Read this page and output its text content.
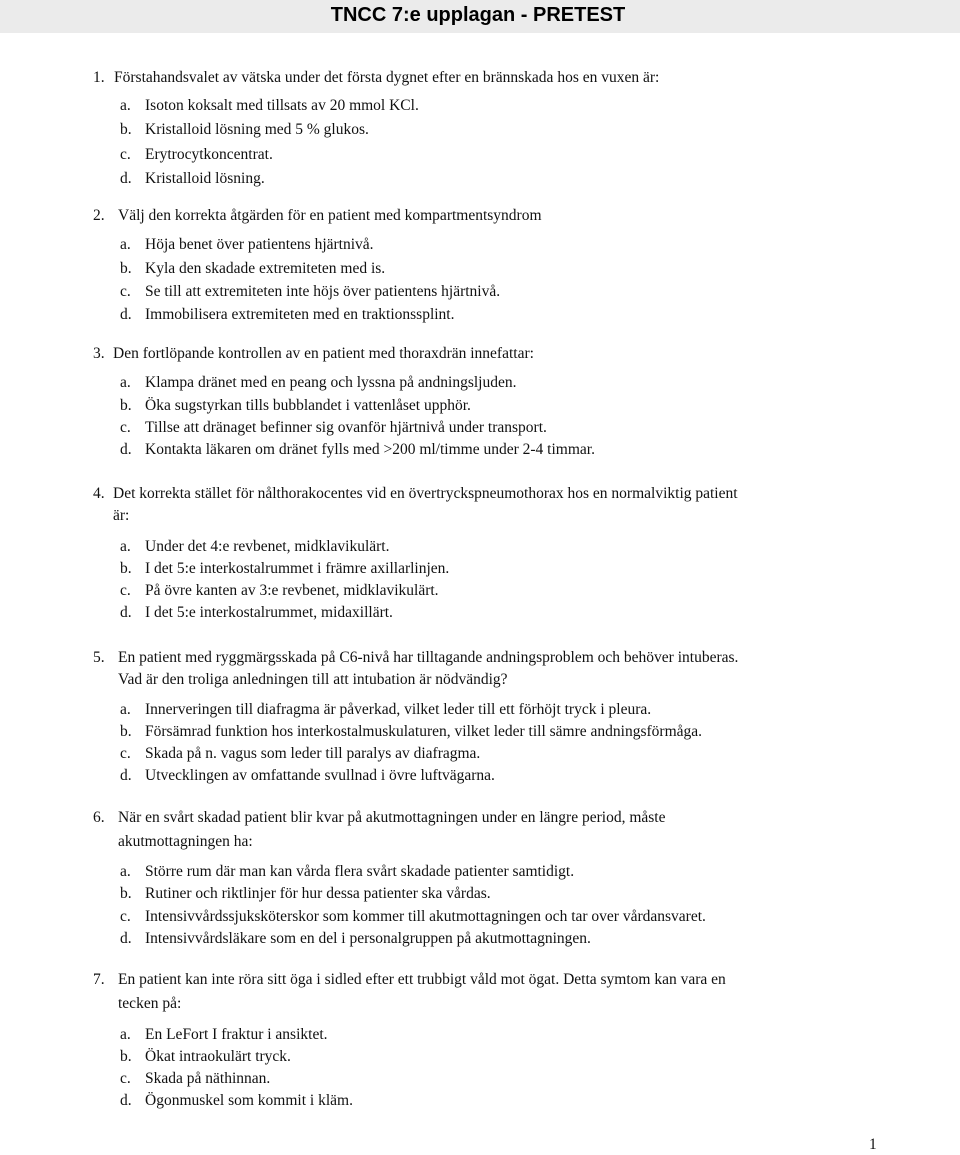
TNCC 7:e upplagan - PRETEST
1. Förstahandsvalet av vätska under det första dygnet efter en brännskada hos en vuxen är:
a. Isoton koksalt med tillsats av 20 mmol KCl.
b. Kristalloid lösning med 5 % glukos.
c. Erytrocytkoncentrat.
d. Kristalloid lösning.
2. Välj den korrekta åtgärden för en patient med kompartmentsyndrom
a. Höja benet över patientens hjärtnivå.
b. Kyla den skadade extremiteten med is.
c. Se till att extremiteten inte höjs över patientens hjärtnivå.
d. Immobilisera extremiteten med en traktionssplint.
3. Den fortlöpande kontrollen av en patient med thoraxdrän innefattar:
a. Klampa dränet med en peang och lyssna på andningsljuden.
b. Öka sugstyrkan tills bubblandet i vattenlåset upphör.
c. Tillse att dränaget befinner sig ovanför hjärtnivå under transport.
d. Kontakta läkaren om dränet fylls med >200 ml/timme under 2-4 timmar.
4. Det korrekta stället för nålthorakocentes vid en övertryckspneumothorax hos en normalviktig patient
är:
a. Under det 4:e revbenet, midklavikulärt.
b. I det 5:e interkostalrummet i främre axillarlinjen.
c. På övre kanten av 3:e revbenet, midklavikulärt.
d. I det 5:e interkostalrummet, midaxillärt.
5. En patient med ryggmärgsskada på C6-nivå har tilltagande andningsproblem och behöver intuberas.
Vad är den troliga anledningen till att intubation är nödvändig?
a. Innerveringen till diafragma är påverkad, vilket leder till ett förhöjt tryck i pleura.
b. Försämrad funktion hos interkostalmuskulaturen, vilket leder till sämre andningsförmåga.
c. Skada på n. vagus som leder till paralys av diafragma.
d. Utvecklingen av omfattande svullnad i övre luftvägarna.
6. När en svårt skadad patient blir kvar på akutmottagningen under en längre period, måste
akutmottagningen ha:
a. Större rum där man kan vårda flera svårt skadade patienter samtidigt.
b. Rutiner och riktlinjer för hur dessa patienter ska vårdas.
c. Intensivvårdssjuksköterskor som kommer till akutmottagningen och tar over vårdansvaret.
d. Intensivvårdsläkare som en del i personalgruppen på akutmottagningen.
7. En patient kan inte röra sitt öga i sidled efter ett trubbigt våld mot ögat. Detta symtom kan vara en
tecken på:
a. En LeFort I fraktur i ansiktet.
b. Ökat intraokulärt tryck.
c. Skada på näthinnan.
d. Ögonmuskel som kommit i kläm.
1
